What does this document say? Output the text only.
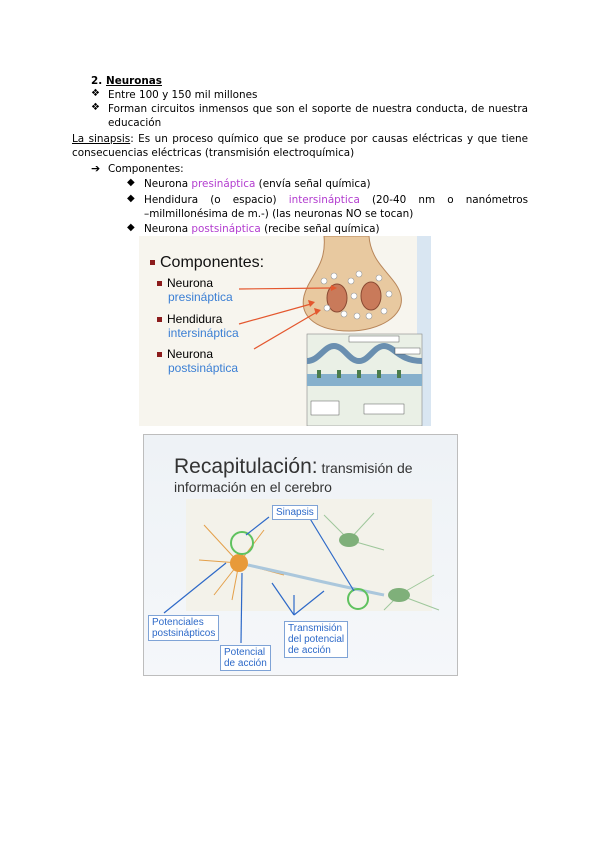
2. Neuronas
❖ Entre 100 y 150 mil millones
❖ Forman circuitos inmensos que son el soporte de nuestra conducta, de nuestra
educación
La sinapsis: Es un proceso químico que se produce por causas eléctricas y que tiene
consecuencias eléctricas (transmisión electroquímica)
➔ Componentes:
◆ Neurona presináptica (envía señal química)
◆ Hendidura (o espacio) intersináptica (20-40 nm o nanómetros
–milmillonésima de m.-) (las neuronas NO se tocan)
◆ Neurona postsináptica (recibe señal química)
Componentes:
Neurona
presináptica
Hendidura
intersináptica
Neurona
postsináptica
Recapitulación: transmisión de
información en el cerebro
Sinapsis
Potenciales
postsinápticos
Potencial
de acción
Transmisión
del potencial
de acción
